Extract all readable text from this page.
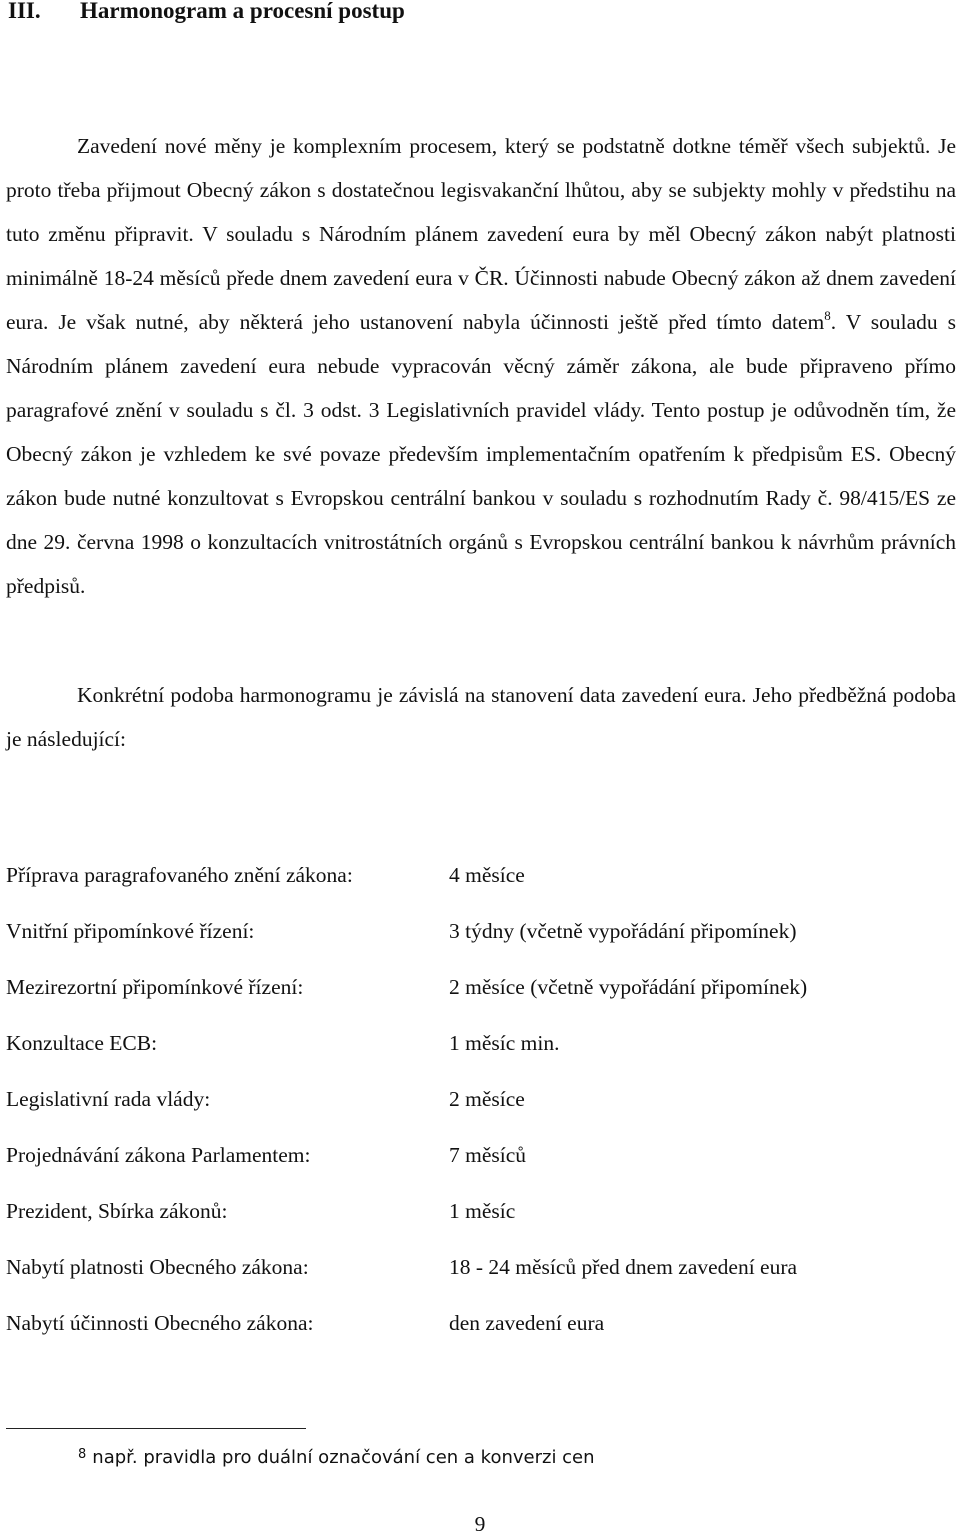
III. Harmonogram a procesní postup

Zavedení nové měny je komplexním procesem, který se podstatně dotkne téměř všech subjektů. Je proto třeba přijmout Obecný zákon s dostatečnou legisvakanční lhůtou, aby se subjekty mohly v předstihu na tuto změnu připravit. V souladu s Národním plánem zavedení eura by měl Obecný zákon nabýt platnosti minimálně 18-24 měsíců přede dnem zavedení eura v ČR. Účinnosti nabude Obecný zákon až dnem zavedení eura. Je však nutné, aby některá jeho ustanovení nabyla účinnosti ještě před tímto datem$^8$. V souladu s Národním plánem zavedení eura nebude vypracován věcný záměr zákona, ale bude připraveno přímo paragrafové znění v souladu s čl. 3 odst. 3 Legislativních pravidel vlády. Tento postup je odůvodněn tím, že Obecný zákon je vzhledem ke své povaze především implementačním opatřením k předpisům ES. Obecný zákon bude nutné konzultovat s Evropskou centrální bankou v souladu s rozhodnutím Rady č. 98/415/ES ze dne 29. června 1998 o konzultacích vnitrostátních orgánů s Evropskou centrální bankou k návrhům právních předpisů.

Konkrétní podoba harmonogramu je závislá na stanovení data zavedení eura. Jeho předběžná podoba je následující:

Příprava paragrafovaného znění zákona:	4 měsíce
Vnitřní připomínkové řízení:	3 týdny (včetně vypořádání připomínek)
Mezirezortní připomínkové řízení:	2 měsíce (včetně vypořádání připomínek)
Konzultace ECB:	1 měsíc min.
Legislativní rada vlády:	2 měsíce
Projednávání zákona Parlamentem:	7 měsíců
Prezident, Sbírka zákonů:	1 měsíc
Nabytí platnosti Obecného zákona:	18 - 24 měsíců před dnem zavedení eura
Nabytí účinnosti Obecného zákona:	den zavedení eura
$^8$ např. pravidla pro duální označování cen a konverzi cen
9
